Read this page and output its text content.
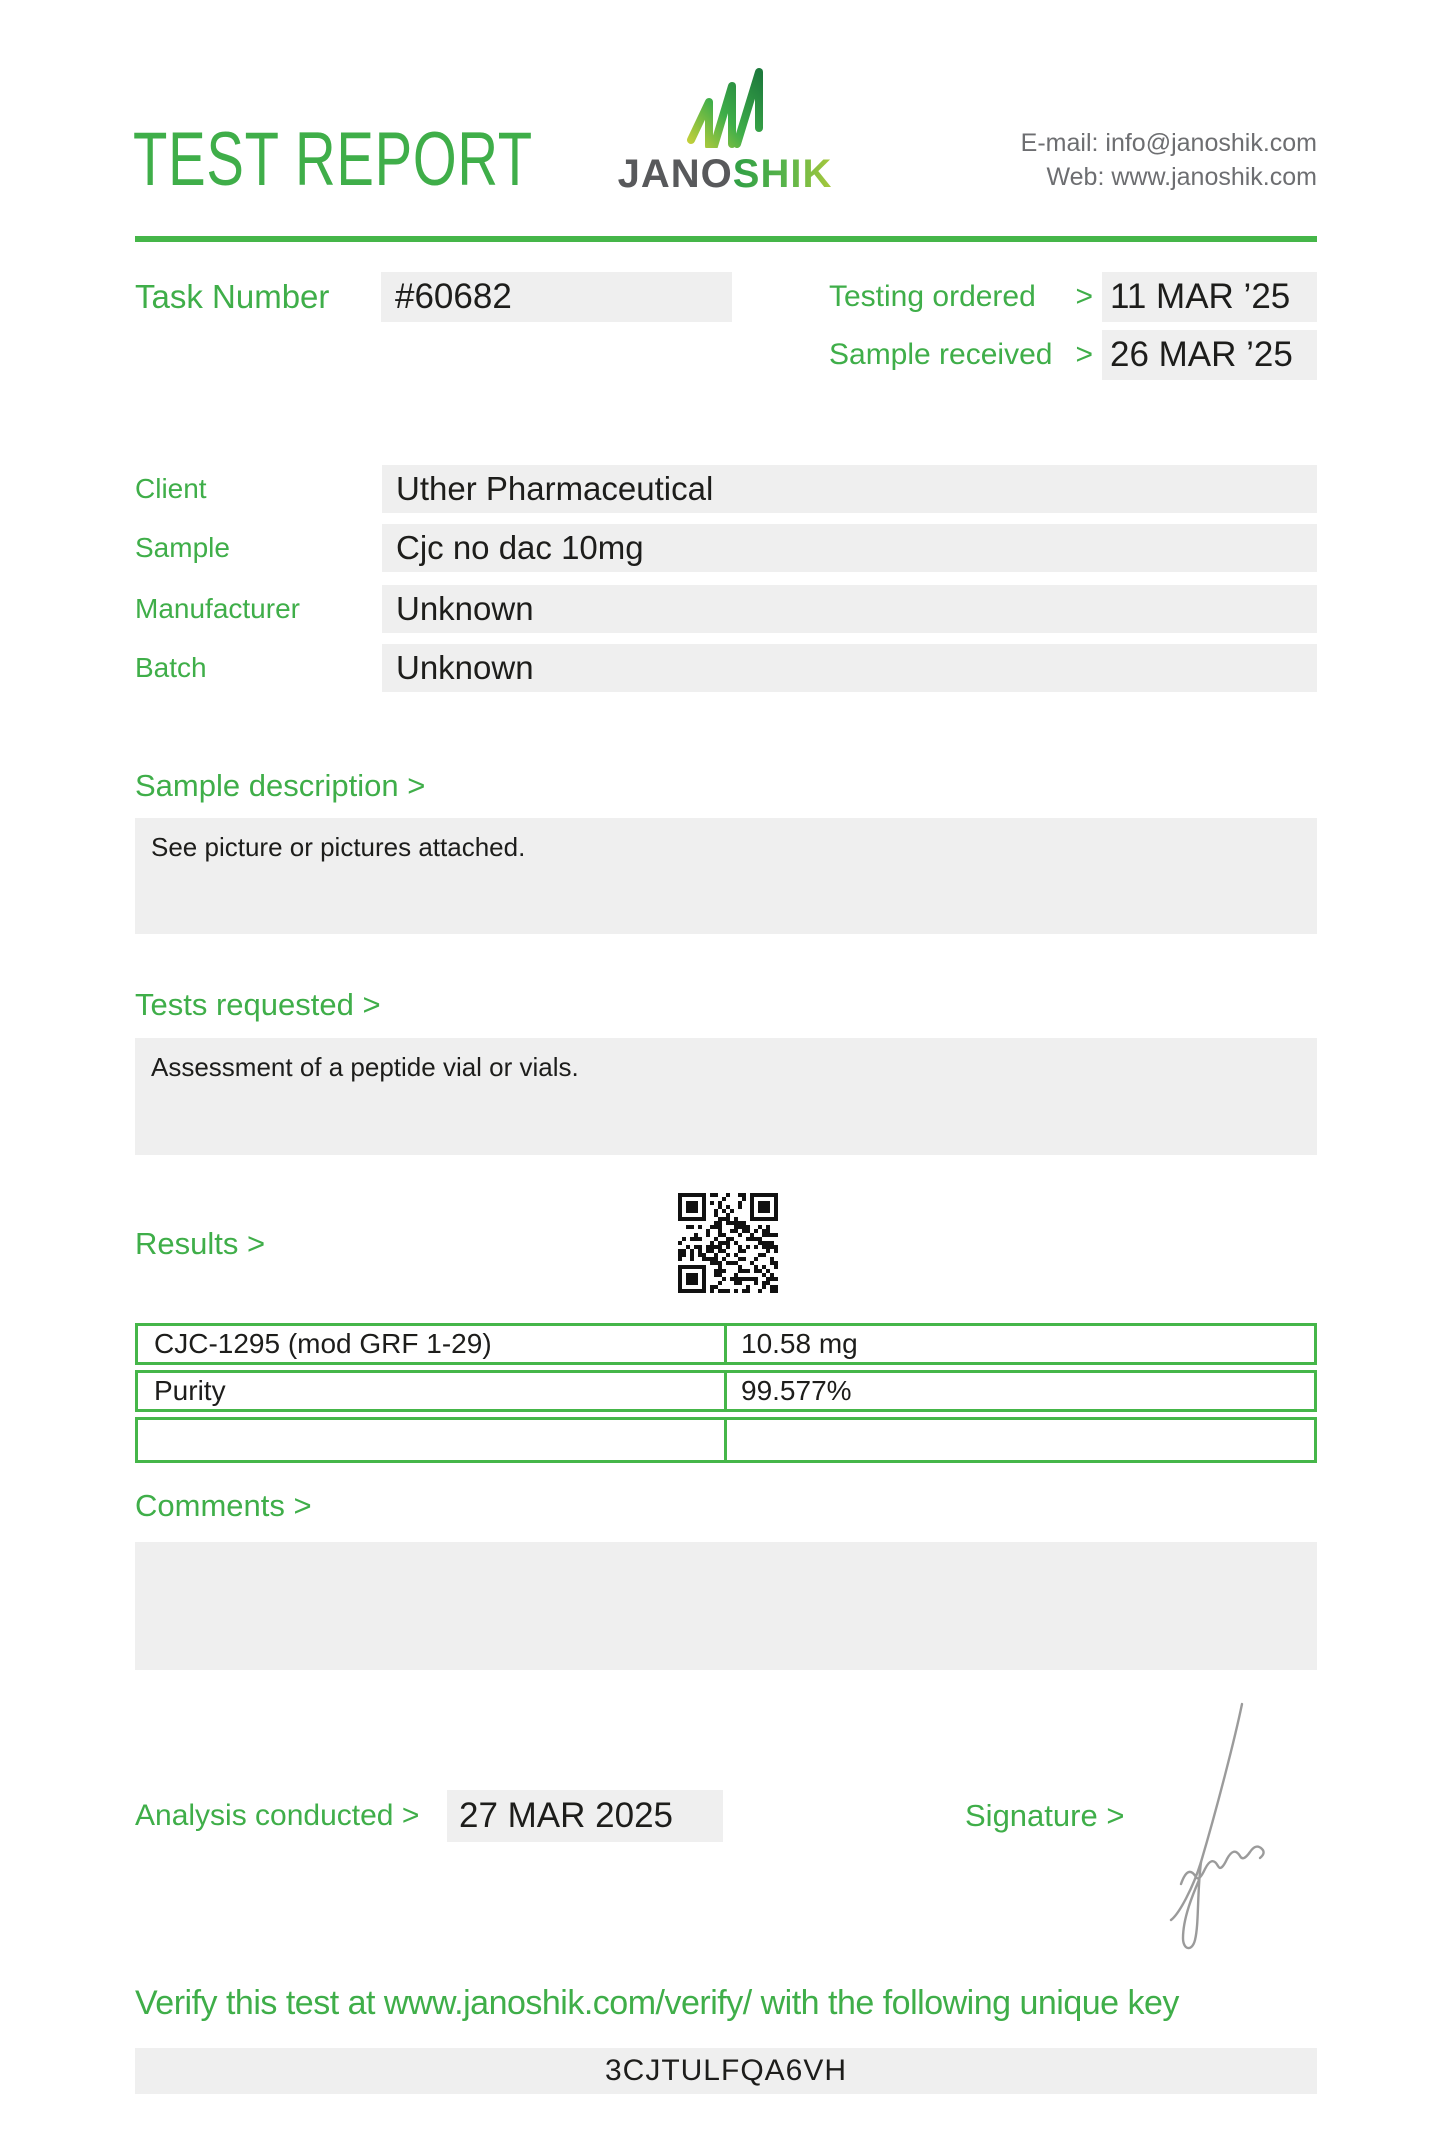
TEST REPORT	JANOSHIK
E-mail: info@janoshik.com
Web: www.janoshik.com
Task Number	#60682	Testing ordered > 11 MAR ’25
Sample received > 26 MAR ’25
Client	Uther Pharmaceutical
Sample	Cjc no dac 10mg
Manufacturer	Unknown
Batch	Unknown
Sample description >
See picture or pictures attached.
Tests requested >
Assessment of a peptide vial or vials.
Results >
CJC-1295 (mod GRF 1-29)	10.58 mg
Purity	99.577%
Comments >
Analysis conducted >	27 MAR 2025	Signature >
Verify this test at www.janoshik.com/verify/ with the following unique key
3CJTULFQA6VH
